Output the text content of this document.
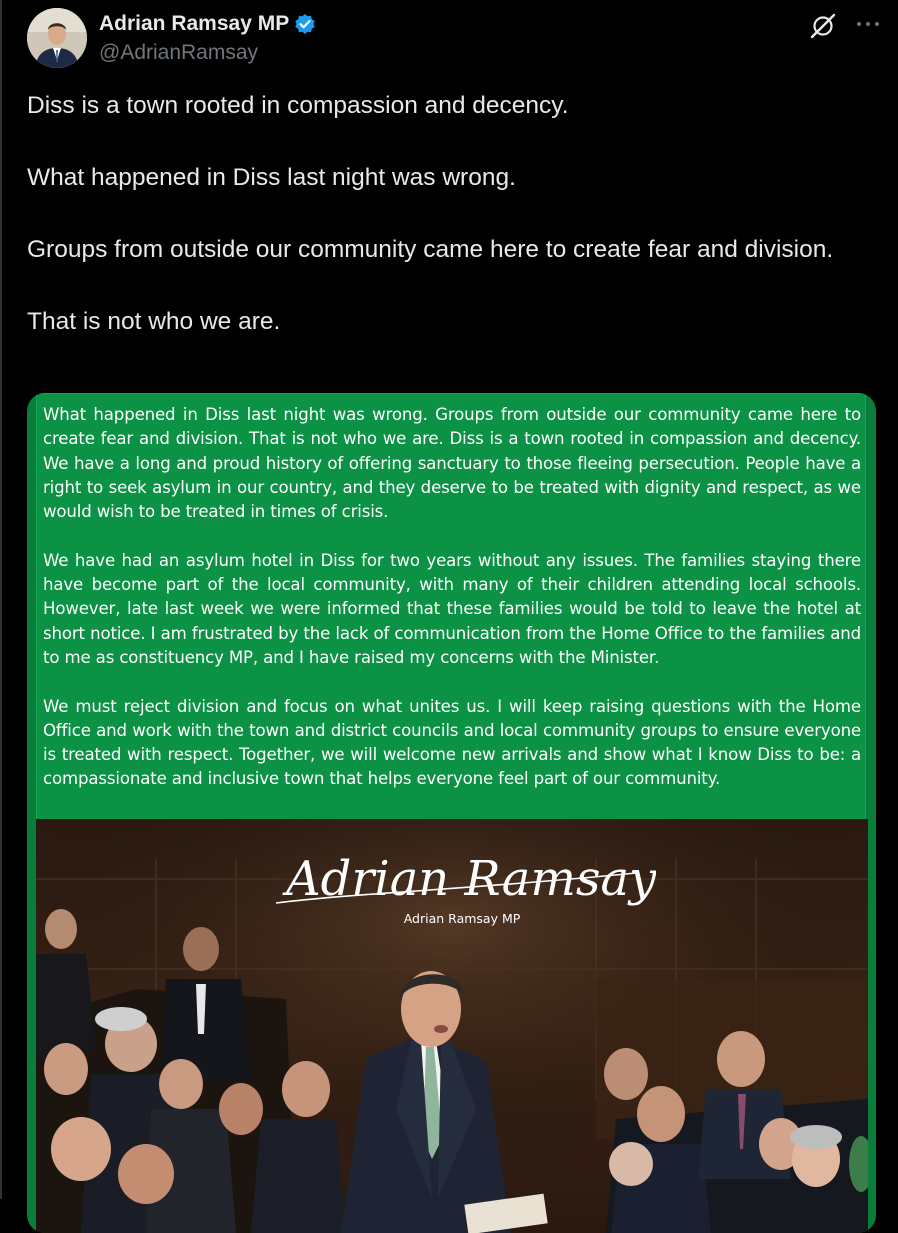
Adrian Ramsay MP
@AdrianRamsay

Diss is a town rooted in compassion and decency.

What happened in Diss last night was wrong.

Groups from outside our community came here to create fear and division.

That is not who we are.

What happened in Diss last night was wrong. Groups from outside our community came here to create fear and division. That is not who we are. Diss is a town rooted in compassion and decency. We have a long and proud history of offering sanctuary to those fleeing persecution. People have a right to seek asylum in our country, and they deserve to be treated with dignity and respect, as we would wish to be treated in times of crisis.

We have had an asylum hotel in Diss for two years without any issues. The families staying there have become part of the local community, with many of their children attending local schools. However, late last week we were informed that these families would be told to leave the hotel at short notice. I am frustrated by the lack of communication from the Home Office to the families and to me as constituency MP, and I have raised my concerns with the Minister.

We must reject division and focus on what unites us. I will keep raising questions with the Home Office and work with the town and district councils and local community groups to ensure everyone is treated with respect. Together, we will welcome new arrivals and show what I know Diss to be: a compassionate and inclusive town that helps everyone feel part of our community.

Adrian Ramsay
Adrian Ramsay MP
